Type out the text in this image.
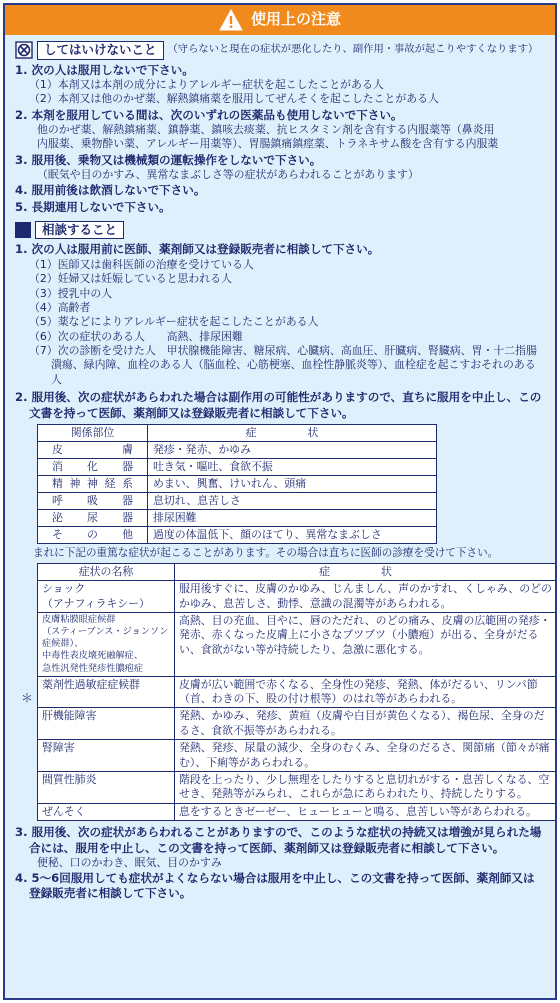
使用上の注意
してはいけないこと	（守らないと現在の症状が悪化したり、副作用・事故が起こりやすくなります）
1. 次の人は服用しないで下さい。
（1）本剤又は本剤の成分によりアレルギー症状を起こしたことがある人
（2）本剤又は他のかぜ薬、解熱鎮痛薬を服用してぜんそくを起こしたことがある人
2. 本剤を服用している間は、次のいずれの医薬品も使用しないで下さい。
他のかぜ薬、解熱鎮痛薬、鎮静薬、鎮咳去痰薬、抗ヒスタミン剤を含有する内服薬等（鼻炎用
内服薬、乗物酔い薬、アレルギー用薬等）、胃腸鎮痛鎮痙薬、トラネキサム酸を含有する内服薬
3. 服用後、乗物又は機械類の運転操作をしないで下さい。
（眠気や目のかすみ、異常なまぶしさ等の症状があらわれることがあります）
4. 服用前後は飲酒しないで下さい。
5. 長期連用しないで下さい。
相談すること
1. 次の人は服用前に医師、薬剤師又は登録販売者に相談して下さい。
（1）医師又は歯科医師の治療を受けている人
（2）妊婦又は妊娠していると思われる人
（3）授乳中の人
（4）高齢者
（5）薬などによりアレルギー症状を起こしたことがある人
（6）次の症状のある人　　高熱、排尿困難
（7）次の診断を受けた人　甲状腺機能障害、糖尿病、心臓病、高血圧、肝臓病、腎臓病、胃・十二指腸潰瘍、緑内障、血栓のある人（脳血栓、心筋梗塞、血栓性静脈炎等）、血栓症を起こすおそれのある人
2. 服用後、次の症状があらわれた場合は副作用の可能性がありますので、直ちに服用を中止し、この文書を持って医師、薬剤師又は登録販売者に相談して下さい。
関係部位	症　状
皮膚	発疹・発赤、かゆみ
消化器	吐き気・嘔吐、食欲不振
精神神経系	めまい、興奮、けいれん、頭痛
呼吸器	息切れ、息苦しさ
泌尿器	排尿困難
その他	過度の体温低下、顔のほてり、異常なまぶしさ
まれに下記の重篤な症状が起こることがあります。その場合は直ちに医師の診療を受けて下さい。
＊
症状の名称	症　状
ショック
（アナフィラキシー）	服用後すぐに、皮膚のかゆみ、じんましん、声のかすれ、くしゃみ、のどのかゆみ、息苦しさ、動悸、意識の混濁等があらわれる。
皮膚粘膜眼症候群
（スティーブンス・ジョンソン症候群）、
中毒性表皮壊死融解症、
急性汎発性発疹性膿疱症	高熱、目の充血、目やに、唇のただれ、のどの痛み、皮膚の広範囲の発疹・発赤、赤くなった皮膚上に小さなブツブツ（小膿疱）が出る、全身がだるい、食欲がない等が持続したり、急激に悪化する。
薬剤性過敏症症候群	皮膚が広い範囲で赤くなる、全身性の発疹、発熱、体がだるい、リンパ節（首、わきの下、股の付け根等）のはれ等があらわれる。
肝機能障害	発熱、かゆみ、発疹、黄疸（皮膚や白目が黄色くなる）、褐色尿、全身のだるさ、食欲不振等があらわれる。
腎障害	発熱、発疹、尿量の減少、全身のむくみ、全身のだるさ、関節痛（節々が痛む）、下痢等があらわれる。
間質性肺炎	階段を上ったり、少し無理をしたりすると息切れがする・息苦しくなる、空せき、発熱等がみられ、これらが急にあらわれたり、持続したりする。
ぜんそく	息をするときゼーゼー、ヒューヒューと鳴る、息苦しい等があらわれる。
3. 服用後、次の症状があらわれることがありますので、このような症状の持続又は増強が見られた場合には、服用を中止し、この文書を持って医師、薬剤師又は登録販売者に相談して下さい。
便秘、口のかわき、眠気、目のかすみ
4. 5～6回服用しても症状がよくならない場合は服用を中止し、この文書を持って医師、薬剤師又は登録販売者に相談して下さい。
